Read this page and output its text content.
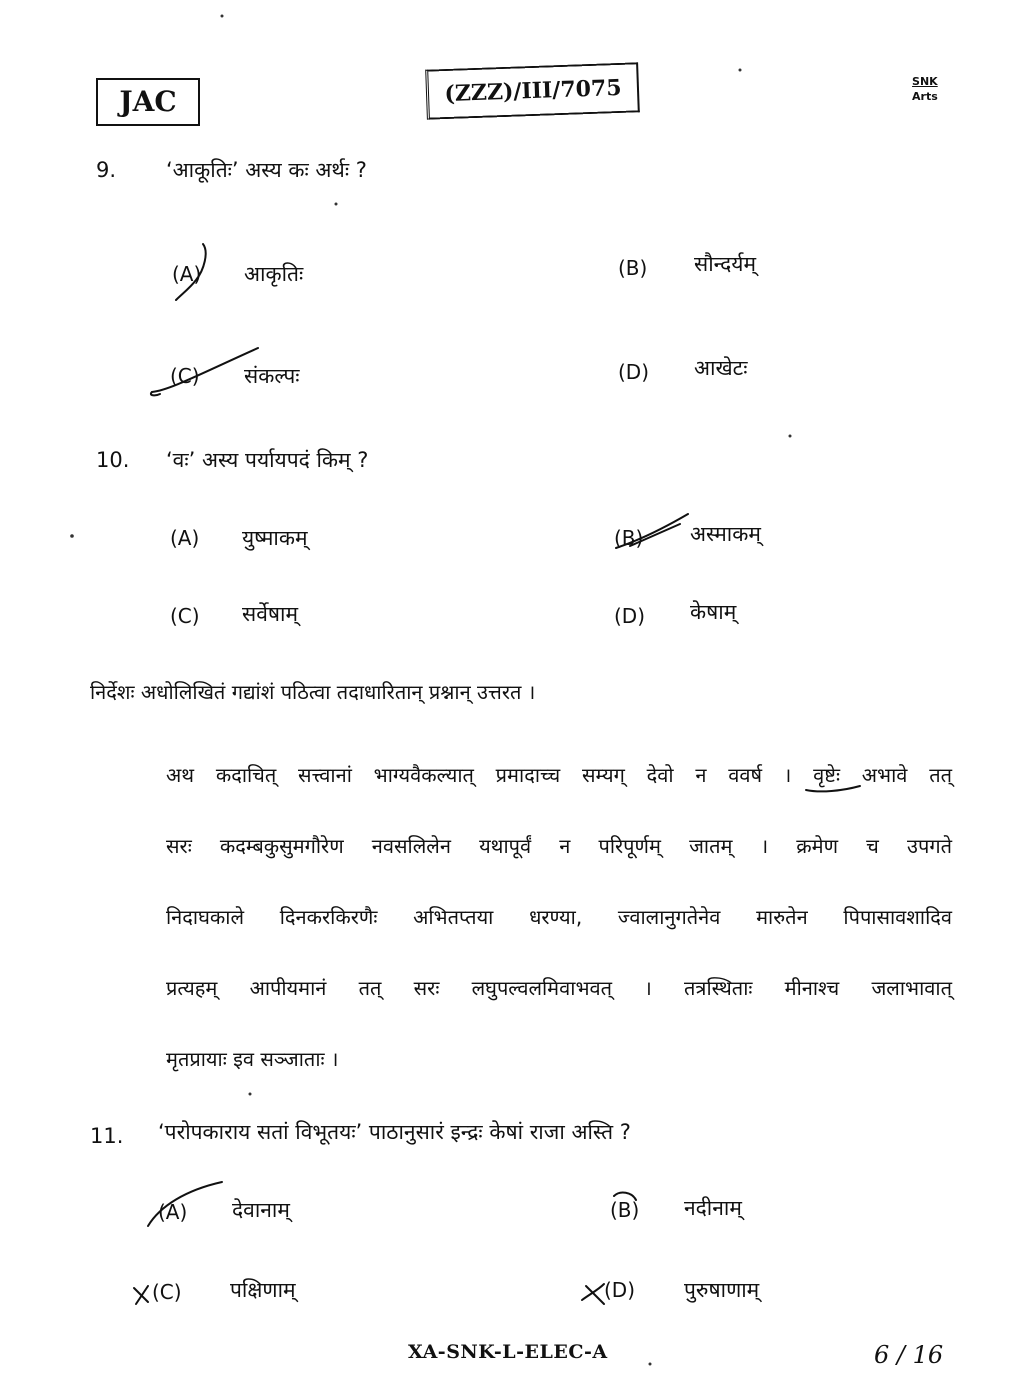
JAC	(ZZZ)/III/7075	SNK
Arts
9. ‘आकूतिः’ अस्य कः अर्थः ?
(A) आकृतिः	(B) सौन्दर्यम्
(C) संकल्पः	(D) आखेटः
10. ‘वः’ अस्य पर्यायपदं किम् ?
(A) युष्माकम्	(B) अस्माकम्
(C) सर्वेषाम्	(D) केषाम्
निर्देशः अधोलिखितं गद्यांशं पठित्वा तदाधारितान् प्रश्नान् उत्तरत ।
अथ कदाचित् सत्त्वानां भाग्यवैकल्यात् प्रमादाच्च सम्यग् देवो न ववर्ष । वृष्टेः अभावे तत्
सरः कदम्बकुसुमगौरेण नवसलिलेन यथापूर्वं न परिपूर्णम् जातम् । क्रमेण च उपगते
निदाघकाले दिनकरकिरणैः अभितप्तया धरण्या, ज्वालानुगतेनेव मारुतेन पिपासावशादिव
प्रत्यहम् आपीयमानं तत् सरः लघुपल्वलमिवाभवत् । तत्रस्थिताः मीनाश्च जलाभावात्
मृतप्रायाः इव सञ्जाताः ।
11. ‘परोपकाराय सतां विभूतयः’ पाठानुसारं इन्द्रः केषां राजा अस्ति ?
(A) देवानाम्	(B) नदीनाम्
(C) पक्षिणाम्	(D) पुरुषाणाम्
XA-SNK-L-ELEC-A	6 / 16
